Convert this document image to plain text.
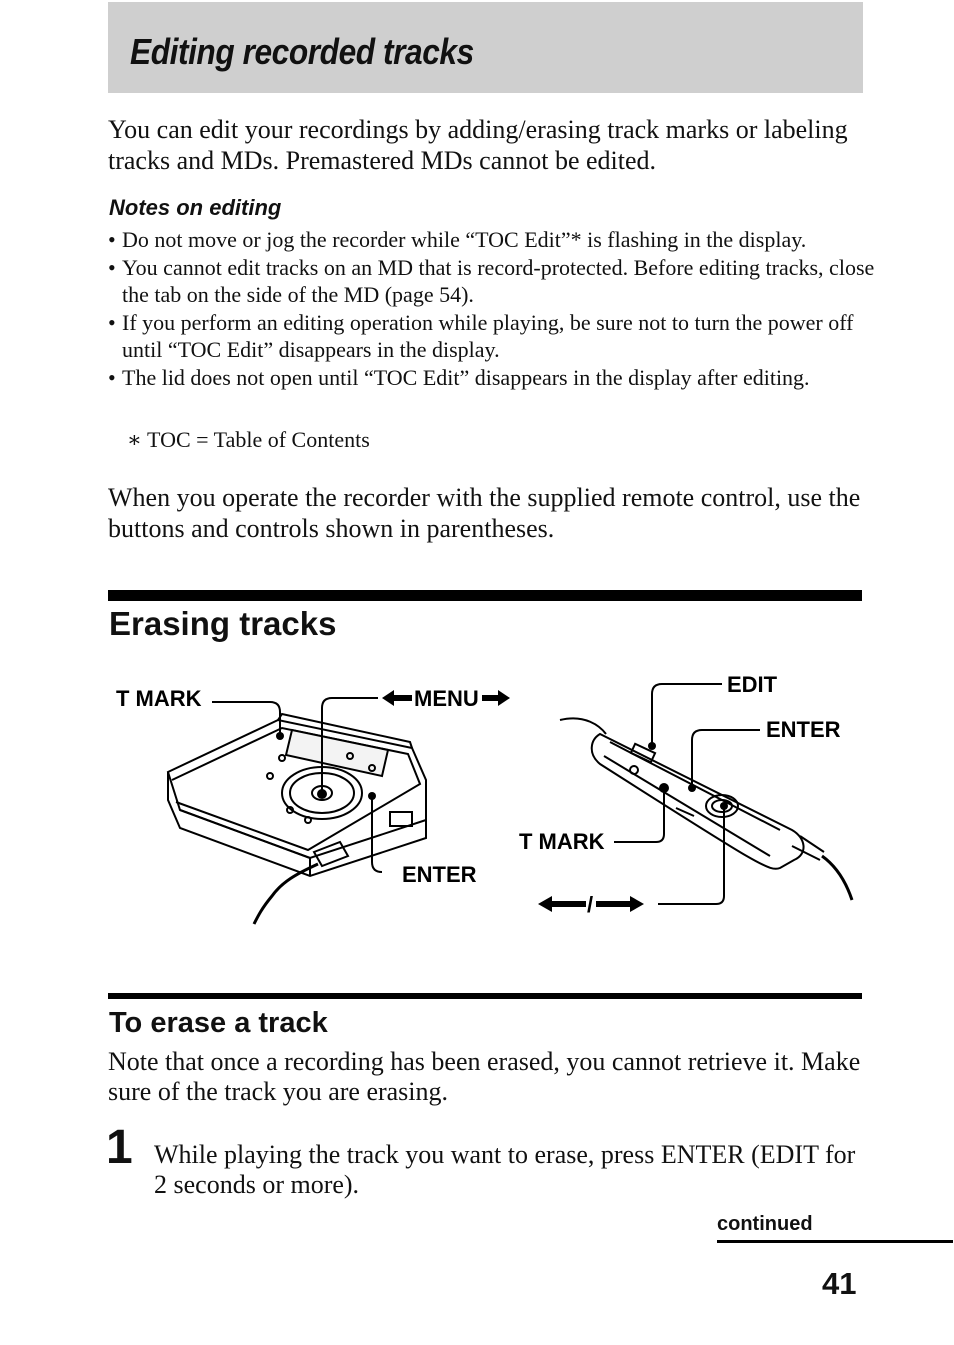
Editing recorded tracks

You can edit your recordings by adding/erasing track marks or labeling tracks and MDs. Premastered MDs cannot be edited.

Notes on editing
• Do not move or jog the recorder while “TOC Edit”* is flashing in the display.
• You cannot edit tracks on an MD that is record-protected. Before editing tracks, close the tab on the side of the MD (page 54).
• If you perform an editing operation while playing, be sure not to turn the power off until “TOC Edit” disappears in the display.
• The lid does not open until “TOC Edit” disappears in the display after editing.

∗ TOC = Table of Contents

When you operate the recorder with the supplied remote control, use the buttons and controls shown in parentheses.

Erasing tracks
T MARK	MENU
ENTER
EDIT
ENTER
T MARK
/
To erase a track

Note that once a recording has been erased, you cannot retrieve it. Make sure of the track you are erasing.

1 While playing the track you want to erase, press ENTER (EDIT for 2 seconds or more).

continued
41
